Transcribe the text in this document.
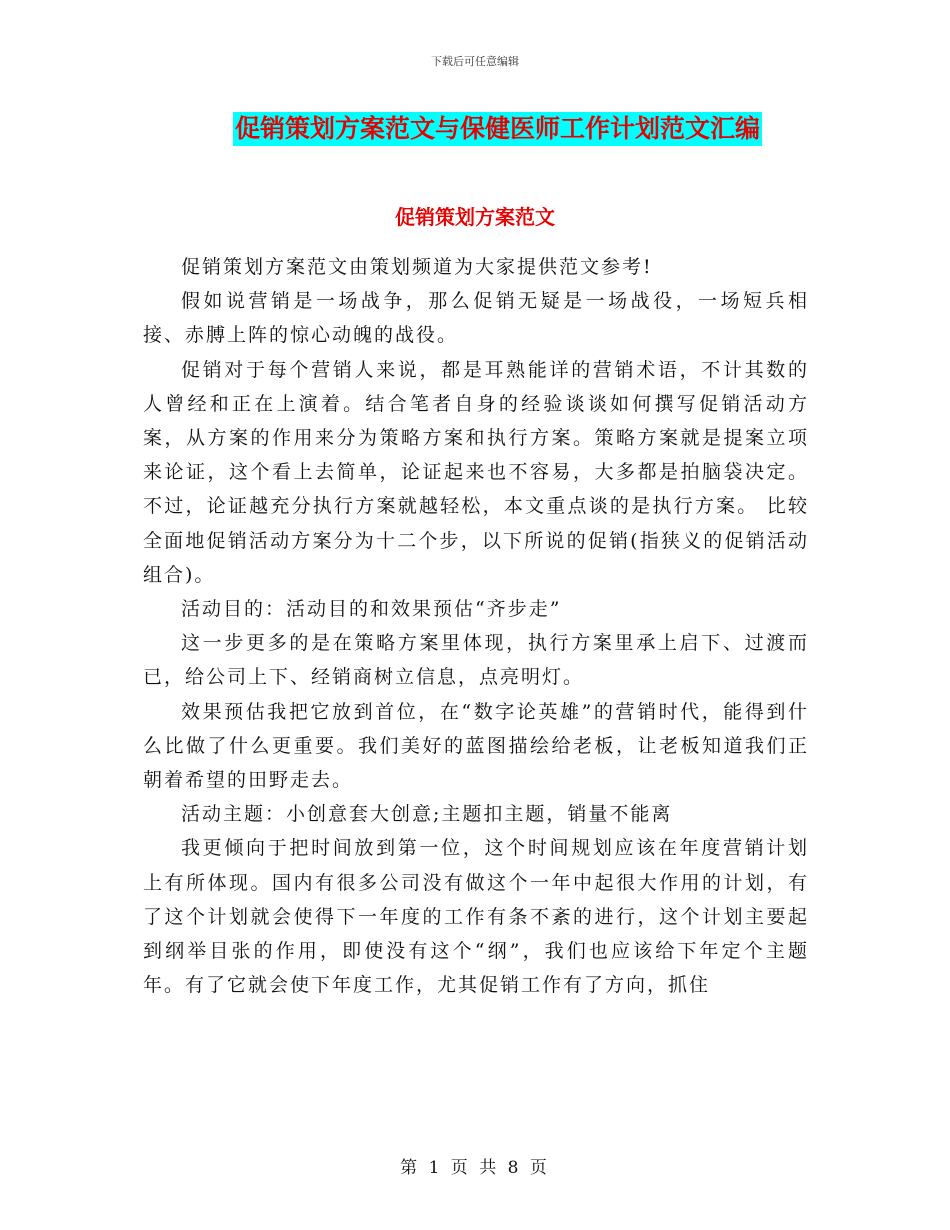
下载后可任意编辑
促销策划方案范文与保健医师工作计划范文汇编
促销策划方案范文

促销策划方案范文由策划频道为大家提供范文参考!

假如说营销是一场战争，那么促销无疑是一场战役，一场短兵相接、赤膊上阵的惊心动魄的战役。

促销对于每个营销人来说，都是耳熟能详的营销术语，不计其数的人曾经和正在上演着。结合笔者自身的经验谈谈如何撰写促销活动方案，从方案的作用来分为策略方案和执行方案。策略方案就是提案立项来论证，这个看上去简单，论证起来也不容易，大多都是拍脑袋决定。不过，论证越充分执行方案就越轻松，本文重点谈的是执行方案。 比较全面地促销活动方案分为十二个步，以下所说的促销(指狭义的促销活动组合)。

活动目的：活动目的和效果预估“齐步走”

这一步更多的是在策略方案里体现，执行方案里承上启下、过渡而已，给公司上下、经销商树立信息，点亮明灯。

效果预估我把它放到首位，在“数字论英雄”的营销时代，能得到什么比做了什么更重要。我们美好的蓝图描绘给老板，让老板知道我们正朝着希望的田野走去。

活动主题：小创意套大创意;主题扣主题，销量不能离

我更倾向于把时间放到第一位，这个时间规划应该在年度营销计划上有所体现。国内有很多公司没有做这个一年中起很大作用的计划，有了这个计划就会使得下一年度的工作有条不紊的进行，这个计划主要起到纲举目张的作用，即使没有这个“纲”，我们也应该给下年定个主题年。有了它就会使下年度工作，尤其促销工作有了方向，抓住

第 1 页 共 8 页
